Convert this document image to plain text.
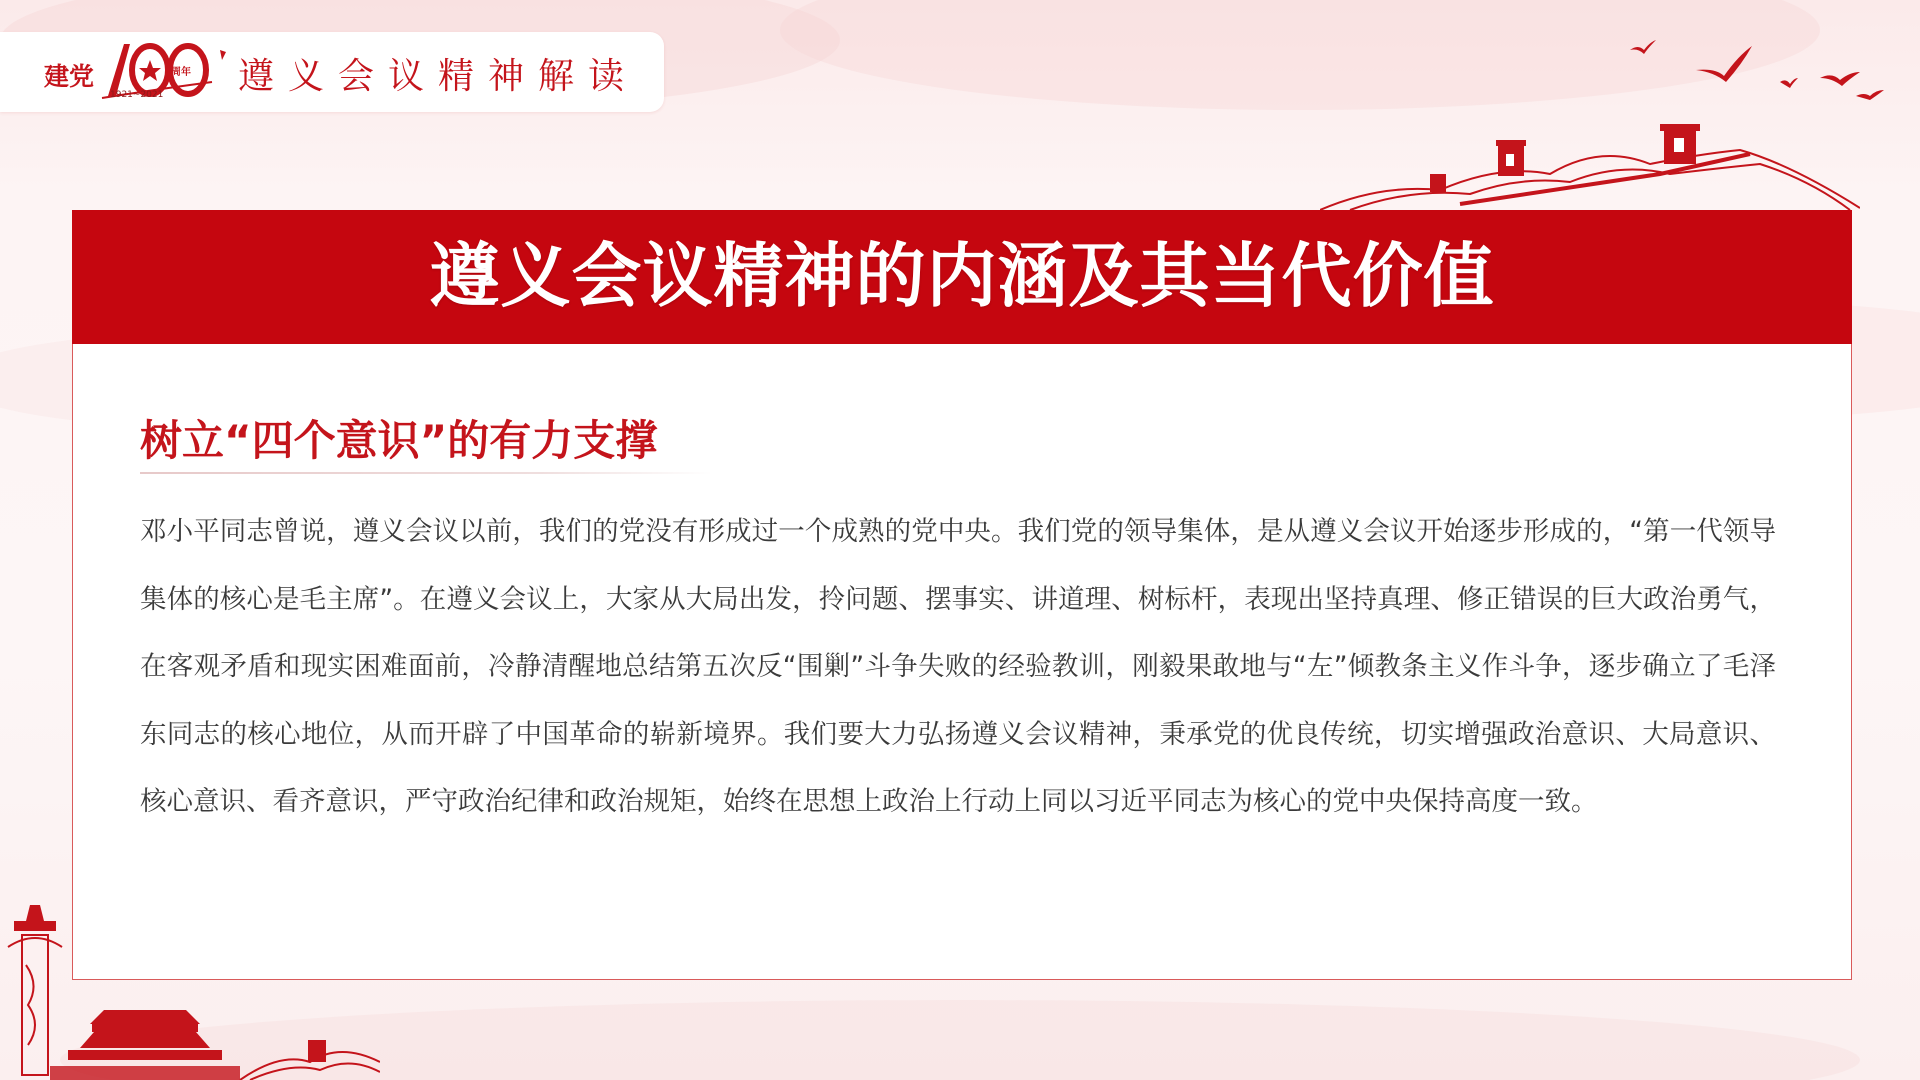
建党	周年
1921~2021 遵义会议精神解读
遵义会议精神的内涵及其当代价值
树立“四个意识”的有力支撑
邓小平同志曾说，遵义会议以前，我们的党没有形成过一个成熟的党中央。我们党的领导集体，是从遵义会议开始逐步形成的，“第一代领导集体的核心是毛主席”。在遵义会议上，大家从大局出发，拎问题、摆事实、讲道理、树标杆，表现出坚持真理、修正错误的巨大政治勇气，在客观矛盾和现实困难面前，冷静清醒地总结第五次反“围剿”斗争失败的经验教训，刚毅果敢地与“左”倾教条主义作斗争，逐步确立了毛泽东同志的核心地位，从而开辟了中国革命的崭新境界。我们要大力弘扬遵义会议精神，秉承党的优良传统，切实增强政治意识、大局意识、核心意识、看齐意识，严守政治纪律和政治规矩，始终在思想上政治上行动上同以习近平同志为核心的党中央保持高度一致。
